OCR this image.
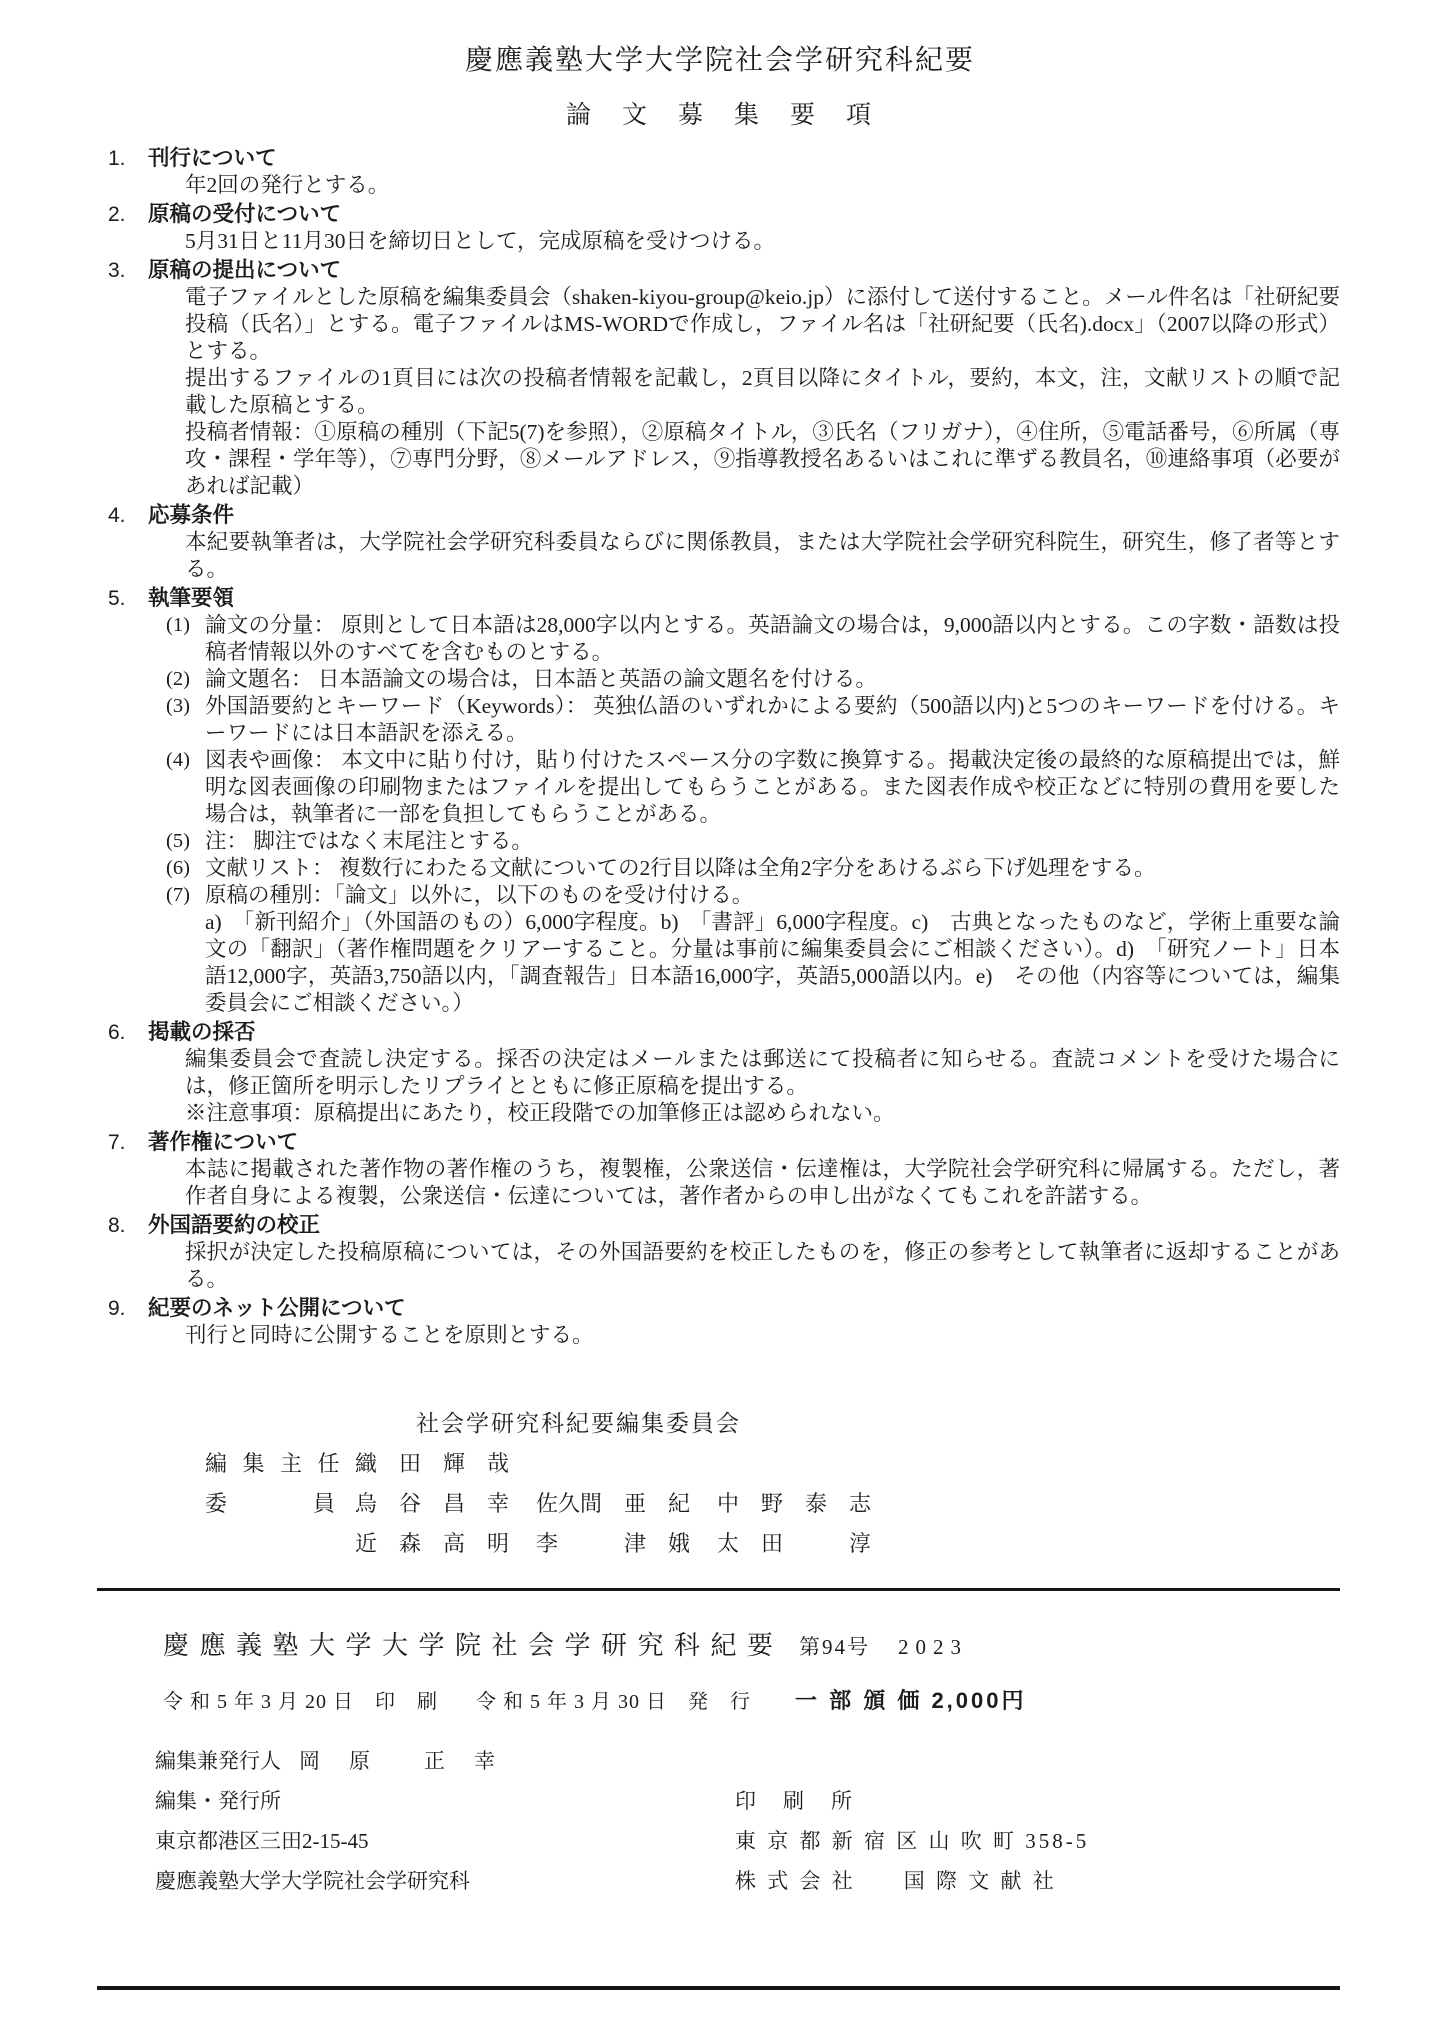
慶應義塾大学大学院社会学研究科紀要
論　文　募　集　要　項
1.	刊行について
年2回の発行とする。
2.	原稿の受付について
5月31日と11月30日を締切日として，完成原稿を受けつける。
3.	原稿の提出について
電子ファイルとした原稿を編集委員会（shaken-kiyou-group@keio.jp）に添付して送付すること。メール件名は「社研紀要投稿（氏名）」とする。電子ファイルはMS-WORDで作成し，ファイル名は「社研紀要（氏名).docx」（2007以降の形式）とする。
提出するファイルの1頁目には次の投稿者情報を記載し，2頁目以降にタイトル，要約，本文，注，文献リストの順で記載した原稿とする。
投稿者情報：①原稿の種別（下記5(7)を参照），②原稿タイトル，③氏名（フリガナ），④住所，⑤電話番号，⑥所属（専攻・課程・学年等），⑦専門分野，⑧メールアドレス，⑨指導教授名あるいはこれに準ずる教員名，⑩連絡事項（必要があれば記載）
4.	応募条件
本紀要執筆者は，大学院社会学研究科委員ならびに関係教員，または大学院社会学研究科院生，研究生，修了者等とする。
5.	執筆要領
(1) 論文の分量： 原則として日本語は28,000字以内とする。英語論文の場合は，9,000語以内とする。この字数・語数は投稿者情報以外のすべてを含むものとする。
(2) 論文題名： 日本語論文の場合は，日本語と英語の論文題名を付ける。
(3) 外国語要約とキーワード（Keywords）： 英独仏語のいずれかによる要約（500語以内)と5つのキーワードを付ける。キーワードには日本語訳を添える。
(4) 図表や画像： 本文中に貼り付け，貼り付けたスペース分の字数に換算する。掲載決定後の最終的な原稿提出では，鮮明な図表画像の印刷物またはファイルを提出してもらうことがある。また図表作成や校正などに特別の費用を要した場合は，執筆者に一部を負担してもらうことがある。
(5) 注： 脚注ではなく末尾注とする。
(6) 文献リスト： 複数行にわたる文献についての2行目以降は全角2字分をあけるぶら下げ処理をする。
(7) 原稿の種別：「論文」以外に，以下のものを受け付ける。
a)　「新刊紹介」（外国語のもの）6,000字程度。b)　「書評」6,000字程度。c)　古典となったものなど，学術上重要な論文の「翻訳」（著作権問題をクリアーすること。分量は事前に編集委員会にご相談ください）。d)　「研究ノート」日本語12,000字，英語3,750語以内，「調査報告」日本語16,000字，英語5,000語以内。e)　その他（内容等については，編集委員会にご相談ください。）
6.	掲載の採否
編集委員会で査読し決定する。採否の決定はメールまたは郵送にて投稿者に知らせる。査読コメントを受けた場合には，修正箇所を明示したリプライとともに修正原稿を提出する。
※注意事項：原稿提出にあたり，校正段階での加筆修正は認められない。
7.	著作権について
本誌に掲載された著作物の著作権のうち，複製権，公衆送信・伝達権は，大学院社会学研究科に帰属する。ただし，著作者自身による複製，公衆送信・伝達については，著作者からの申し出がなくてもこれを許諾する。
8.	外国語要約の校正
採択が決定した投稿原稿については，その外国語要約を校正したものを，修正の参考として執筆者に返却することがある。
9.	紀要のネット公開について
刊行と同時に公開することを原則とする。
社会学研究科紀要編集委員会
編 集 主 任 織　田　輝　哉
委　　　員 烏　谷　昌　幸	佐久間　亜　紀	中　野　泰　志
近　森　高　明	李　　　津　娥	太　田　　　淳
慶 應 義 塾 大 学 大 学 院 社 会 学 研 究 科 紀 要 第94号 2023
令 和 5 年 3 月 20 日　印　刷 令 和 5 年 3 月 30 日　発　行 一 部 頒 価 2,000円
編集兼発行人 岡　原　　正　幸
編集・発行所	印　刷　所
東京都港区三田2-15-45	東 京 都 新 宿 区 山 吹 町 358-5
慶應義塾大学大学院社会学研究科	株 式 会 社　　国 際 文 献 社
